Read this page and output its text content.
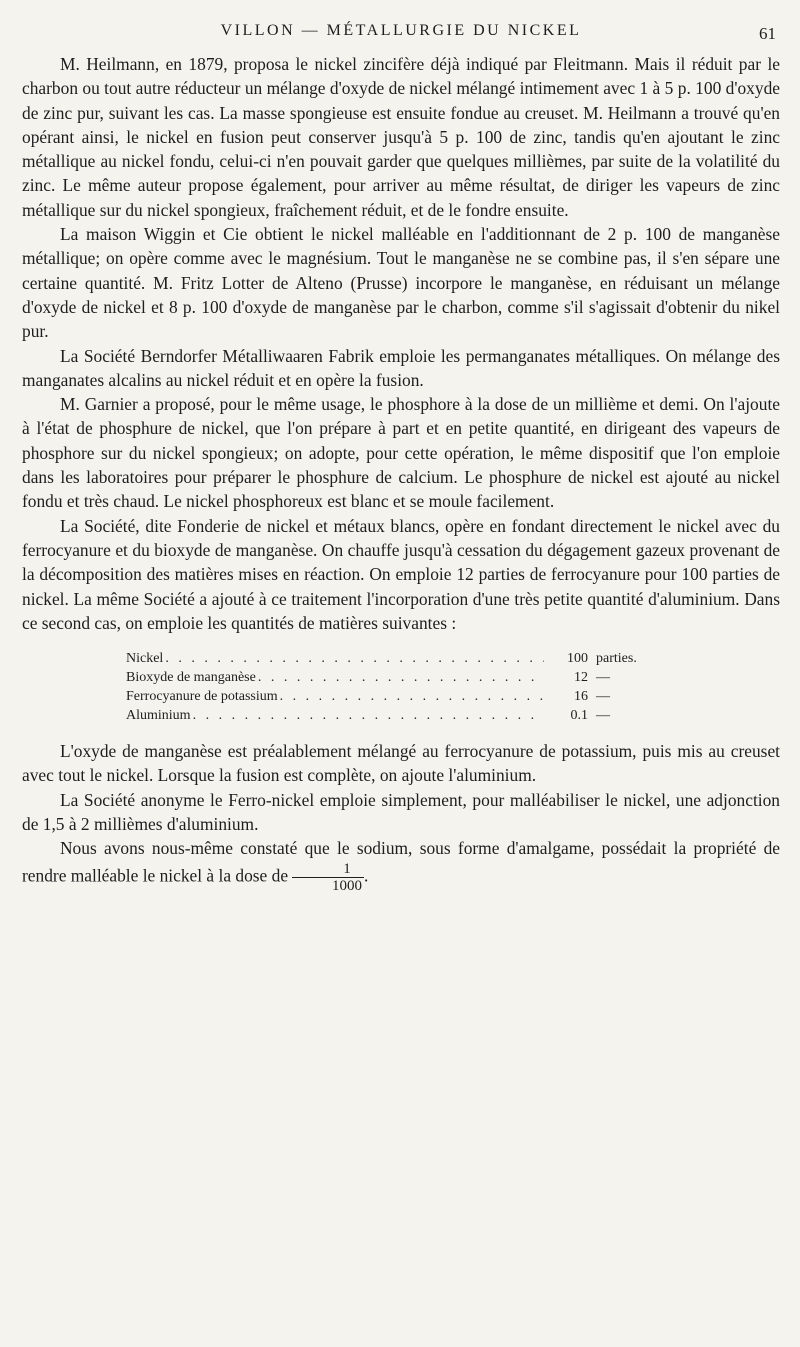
VILLON — MÉTALLURGIE DU NICKEL	61

M. Heilmann, en 1879, proposa le nickel zincifère déjà indiqué par Fleitmann. Mais il réduit par le charbon ou tout autre réducteur un mélange d'oxyde de nickel mélangé intimement avec 1 à 5 p. 100 d'oxyde de zinc pur, suivant les cas. La masse spongieuse est ensuite fondue au creuset. M. Heilmann a trouvé qu'en opérant ainsi, le nickel en fusion peut conserver jusqu'à 5 p. 100 de zinc, tandis qu'en ajoutant le zinc métallique au nickel fondu, celui-ci n'en pouvait garder que quelques millièmes, par suite de la volatilité du zinc. Le même auteur propose également, pour arriver au même résultat, de diriger les vapeurs de zinc métallique sur du nickel spongieux, fraîchement réduit, et de le fondre ensuite.

La maison Wiggin et Cie obtient le nickel malléable en l'additionnant de 2 p. 100 de manganèse métallique; on opère comme avec le magnésium. Tout le manganèse ne se combine pas, il s'en sépare une certaine quantité. M. Fritz Lotter de Alteno (Prusse) incorpore le manganèse, en réduisant un mélange d'oxyde de nickel et 8 p. 100 d'oxyde de manganèse par le charbon, comme s'il s'agissait d'obtenir du nikel pur.

La Société Berndorfer Métalliwaaren Fabrik emploie les permanganates métalliques. On mélange des manganates alcalins au nickel réduit et en opère la fusion.

M. Garnier a proposé, pour le même usage, le phosphore à la dose de un millième et demi. On l'ajoute à l'état de phosphure de nickel, que l'on prépare à part et en petite quantité, en dirigeant des vapeurs de phosphore sur du nickel spongieux; on adopte, pour cette opération, le même dispositif que l'on emploie dans les laboratoires pour préparer le phosphure de calcium. Le phosphure de nickel est ajouté au nickel fondu et très chaud. Le nickel phosphoreux est blanc et se moule facilement.

La Société, dite Fonderie de nickel et métaux blancs, opère en fondant directement le nickel avec du ferrocyanure et du bioxyde de manganèse. On chauffe jusqu'à cessation du dégagement gazeux provenant de la décomposition des matières mises en réaction. On emploie 12 parties de ferrocyanure pour 100 parties de nickel. La même Société a ajouté à ce traitement l'incorporation d'une très petite quantité d'aluminium. Dans ce second cas, on emploie les quantités de matières suivantes :

Nickel . . .	100 parties.
Bioxyde de manganèse . . .	12 —
Ferrocyanure de potassium . . .	16 —
Aluminium . . .	0.1 —

L'oxyde de manganèse est préalablement mélangé au ferrocyanure de potassium, puis mis au creuset avec tout le nickel. Lorsque la fusion est complète, on ajoute l'aluminium.

La Société anonyme le Ferro-nickel emploie simplement, pour malléabiliser le nickel, une adjonction de 1,5 à 2 millièmes d'aluminium.

Nous avons nous-même constaté que le sodium, sous forme d'amalgame, possédait la propriété de rendre malléable le nickel à la dose de $\frac{1}{1000}$ .
